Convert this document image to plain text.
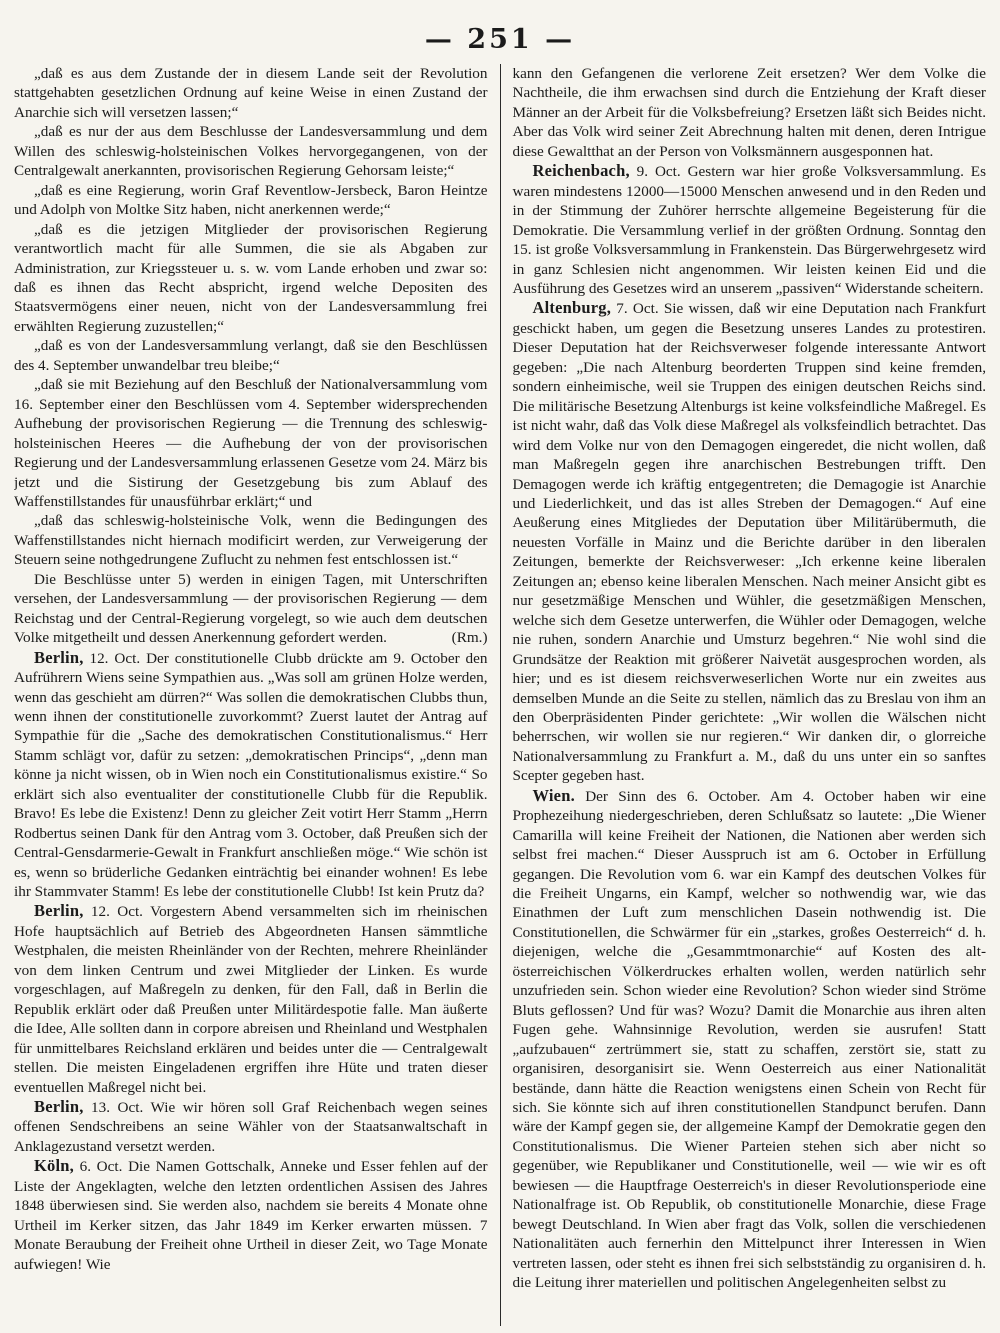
— 251 —

„daß es aus dem Zustande der in diesem Lande seit der Revolution stattgehabten gesetzlichen Ordnung auf keine Weise in einen Zustand der Anarchie sich will versetzen lassen;“

„daß es nur der aus dem Beschlusse der Landesversammlung und dem Willen des schleswig-holsteinischen Volkes hervorgegangenen, von der Centralgewalt anerkannten, provisorischen Regierung Gehorsam leiste;“

„daß es eine Regierung, worin Graf Reventlow-Jersbeck, Baron Heintze und Adolph von Moltke Sitz haben, nicht anerkennen werde;“

„daß es die jetzigen Mitglieder der provisorischen Regierung verantwortlich macht für alle Summen, die sie als Abgaben zur Administration, zur Kriegssteuer u. s. w. vom Lande erhoben und zwar so: daß es ihnen das Recht abspricht, irgend welche Depositen des Staatsvermögens einer neuen, nicht von der Landesversammlung frei erwählten Regierung zuzustellen;“

„daß es von der Landesversammlung verlangt, daß sie den Beschlüssen des 4. September unwandelbar treu bleibe;“

„daß sie mit Beziehung auf den Beschluß der Nationalversammlung vom 16. September einer den Beschlüssen vom 4. September widersprechenden Aufhebung der provisorischen Regierung — die Trennung des schleswig-holsteinischen Heeres — die Aufhebung der von der provisorischen Regierung und der Landesversammlung erlassenen Gesetze vom 24. März bis jetzt und die Sistirung der Gesetzgebung bis zum Ablauf des Waffenstillstandes für unausführbar erklärt;“ und

„daß das schleswig-holsteinische Volk, wenn die Bedingungen des Waffenstillstandes nicht hiernach modificirt werden, zur Verweigerung der Steuern seine nothgedrungene Zuflucht zu nehmen fest entschlossen ist.“

Die Beschlüsse unter 5) werden in einigen Tagen, mit Unterschriften versehen, der Landesversammlung — der provisorischen Regierung — dem Reichstag und der Central-Regierung vorgelegt, so wie auch dem deutschen Volke mitgetheilt und dessen Anerkennung gefordert werden.	(Rm.)

Berlin, 12. Oct. Der constitutionelle Clubb drückte am 9. October den Aufrührern Wiens seine Sympathien aus. „Was soll am grünen Holze werden, wenn das geschieht am dürren?“ Was sollen die demokratischen Clubbs thun, wenn ihnen der constitutionelle zuvorkommt? Zuerst lautet der Antrag auf Sympathie für die „Sache des demokratischen Constitutionalismus.“ Herr Stamm schlägt vor, dafür zu setzen: „demokratischen Princips“, „denn man könne ja nicht wissen, ob in Wien noch ein Constitutionalismus existire.“ So erklärt sich also eventualiter der constitutionelle Clubb für die Republik. Bravo! Es lebe die Existenz! Denn zu gleicher Zeit votirt Herr Stamm „Herrn Rodbertus seinen Dank für den Antrag vom 3. October, daß Preußen sich der Central-Gensdarmerie-Gewalt in Frankfurt anschließen möge.“ Wie schön ist es, wenn so brüderliche Gedanken einträchtig bei einander wohnen! Es lebe ihr Stammvater Stamm! Es lebe der constitutionelle Clubb! Ist kein Prutz da?

Berlin, 12. Oct. Vorgestern Abend versammelten sich im rheinischen Hofe hauptsächlich auf Betrieb des Abgeordneten Hansen sämmtliche Westphalen, die meisten Rheinländer von der Rechten, mehrere Rheinländer von dem linken Centrum und zwei Mitglieder der Linken. Es wurde vorgeschlagen, auf Maßregeln zu denken, für den Fall, daß in Berlin die Republik erklärt oder daß Preußen unter Militärdespotie falle. Man äußerte die Idee, Alle sollten dann in corpore abreisen und Rheinland und Westphalen für unmittelbares Reichsland erklären und beides unter die — Centralgewalt stellen. Die meisten Eingeladenen ergriffen ihre Hüte und traten dieser eventuellen Maßregel nicht bei.

Berlin, 13. Oct. Wie wir hören soll Graf Reichenbach wegen seines offenen Sendschreibens an seine Wähler von der Staatsanwaltschaft in Anklagezustand versetzt werden.

Köln, 6. Oct. Die Namen Gottschalk, Anneke und Esser fehlen auf der Liste der Angeklagten, welche den letzten ordentlichen Assisen des Jahres 1848 überwiesen sind. Sie werden also, nachdem sie bereits 4 Monate ohne Urtheil im Kerker sitzen, das Jahr 1849 im Kerker erwarten müssen. 7 Monate Beraubung der Freiheit ohne Urtheil in dieser Zeit, wo Tage Monate aufwiegen! Wie

kann den Gefangenen die verlorene Zeit ersetzen? Wer dem Volke die Nachtheile, die ihm erwachsen sind durch die Entziehung der Kraft dieser Männer an der Arbeit für die Volksbefreiung? Ersetzen läßt sich Beides nicht. Aber das Volk wird seiner Zeit Abrechnung halten mit denen, deren Intrigue diese Gewaltthat an der Person von Volksmännern ausgesponnen hat.

Reichenbach, 9. Oct. Gestern war hier große Volksversammlung. Es waren mindestens 12000—15000 Menschen anwesend und in den Reden und in der Stimmung der Zuhörer herrschte allgemeine Begeisterung für die Demokratie. Die Versammlung verlief in der größten Ordnung. Sonntag den 15. ist große Volksversammlung in Frankenstein. Das Bürgerwehrgesetz wird in ganz Schlesien nicht angenommen. Wir leisten keinen Eid und die Ausführung des Gesetzes wird an unserem „passiven“ Widerstande scheitern.

Altenburg, 7. Oct. Sie wissen, daß wir eine Deputation nach Frankfurt geschickt haben, um gegen die Besetzung unseres Landes zu protestiren. Dieser Deputation hat der Reichsverweser folgende interessante Antwort gegeben: „Die nach Altenburg beorderten Truppen sind keine fremden, sondern einheimische, weil sie Truppen des einigen deutschen Reichs sind. Die militärische Besetzung Altenburgs ist keine volksfeindliche Maßregel. Es ist nicht wahr, daß das Volk diese Maßregel als volksfeindlich betrachtet. Das wird dem Volke nur von den Demagogen eingeredet, die nicht wollen, daß man Maßregeln gegen ihre anarchischen Bestrebungen trifft. Den Demagogen werde ich kräftig entgegentreten; die Demagogie ist Anarchie und Liederlichkeit, und das ist alles Streben der Demagogen.“ Auf eine Aeußerung eines Mitgliedes der Deputation über Militärübermuth, die neuesten Vorfälle in Mainz und die Berichte darüber in den liberalen Zeitungen, bemerkte der Reichsverweser: „Ich erkenne keine liberalen Zeitungen an; ebenso keine liberalen Menschen. Nach meiner Ansicht gibt es nur gesetzmäßige Menschen und Wühler, die gesetzmäßigen Menschen, welche sich dem Gesetze unterwerfen, die Wühler oder Demagogen, welche nie ruhen, sondern Anarchie und Umsturz begehren.“ Nie wohl sind die Grundsätze der Reaktion mit größerer Naivetät ausgesprochen worden, als hier; und es ist diesem reichsverweserlichen Worte nur ein zweites aus demselben Munde an die Seite zu stellen, nämlich das zu Breslau von ihm an den Oberpräsidenten Pinder gerichtete: „Wir wollen die Wälschen nicht beherrschen, wir wollen sie nur regieren.“ Wir danken dir, o glorreiche Nationalversammlung zu Frankfurt a. M., daß du uns unter ein so sanftes Scepter gegeben hast.

Wien. Der Sinn des 6. October. Am 4. October haben wir eine Prophezeihung niedergeschrieben, deren Schlußsatz so lautete: „Die Wiener Camarilla will keine Freiheit der Nationen, die Nationen aber werden sich selbst frei machen.“ Dieser Ausspruch ist am 6. October in Erfüllung gegangen. Die Revolution vom 6. war ein Kampf des deutschen Volkes für die Freiheit Ungarns, ein Kampf, welcher so nothwendig war, wie das Einathmen der Luft zum menschlichen Dasein nothwendig ist. Die Constitutionellen, die Schwärmer für ein „starkes, großes Oesterreich“ d. h. diejenigen, welche die „Gesammtmonarchie“ auf Kosten des alt-österreichischen Völkerdruckes erhalten wollen, werden natürlich sehr unzufrieden sein. Schon wieder eine Revolution? Schon wieder sind Ströme Bluts geflossen? Und für was? Wozu? Damit die Monarchie aus ihren alten Fugen gehe. Wahnsinnige Revolution, werden sie ausrufen! Statt „aufzubauen“ zertrümmert sie, statt zu schaffen, zerstört sie, statt zu organisiren, desorganisirt sie. Wenn Oesterreich aus einer Nationalität bestände, dann hätte die Reaction wenigstens einen Schein von Recht für sich. Sie könnte sich auf ihren constitutionellen Standpunct berufen. Dann wäre der Kampf gegen sie, der allgemeine Kampf der Demokratie gegen den Constitutionalismus. Die Wiener Parteien stehen sich aber nicht so gegenüber, wie Republikaner und Constitutionelle, weil — wie wir es oft bewiesen — die Hauptfrage Oesterreich's in dieser Revolutionsperiode eine Nationalfrage ist. Ob Republik, ob constitutionelle Monarchie, diese Frage bewegt Deutschland. In Wien aber fragt das Volk, sollen die verschiedenen Nationalitäten auch fernerhin den Mittelpunct ihrer Interessen in Wien vertreten lassen, oder steht es ihnen frei sich selbstständig zu organisiren d. h. die Leitung ihrer materiellen und politischen Angelegenheiten selbst zu
